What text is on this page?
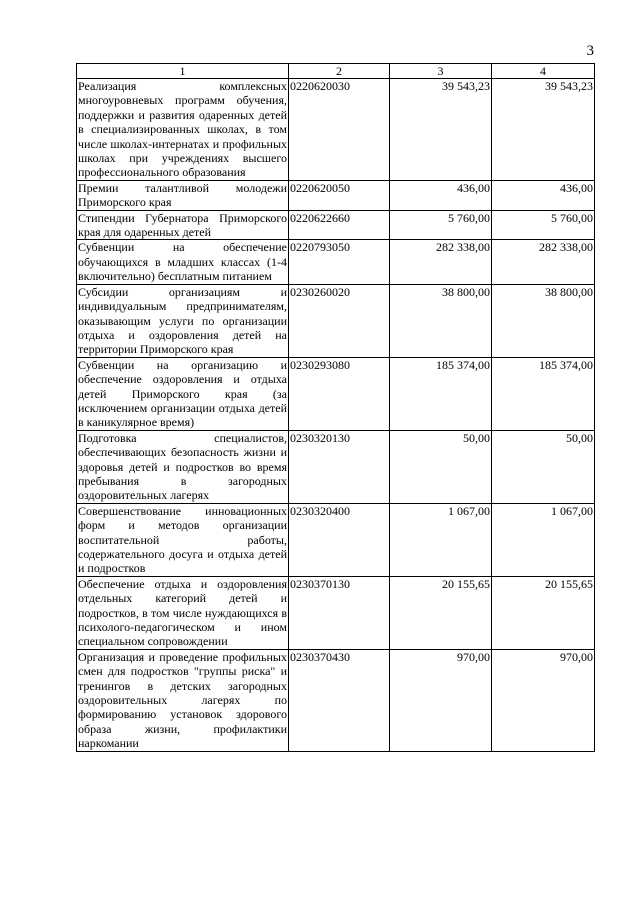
3
1	2	3	4
Реализация комплексных многоуровневых программ обучения, поддержки и развития одаренных детей в специализированных школах, в том числе школах-интернатах и профильных школах при учреждениях высшего профессионального образования	0220620030	39 543,23	39 543,23
Премии талантливой молодежи Приморского края	0220620050	436,00	436,00
Стипендии Губернатора Приморского края для одаренных детей	0220622660	5 760,00	5 760,00
Субвенции на обеспечение обучающихся в младших классах (1-4 включительно) бесплатным питанием	0220793050	282 338,00	282 338,00
Субсидии организациям и индивидуальным предпринимателям, оказывающим услуги по организации отдыха и оздоровления детей на территории Приморского края	0230260020	38 800,00	38 800,00
Субвенции на организацию и обеспечение оздоровления и отдыха детей Приморского края (за исключением организации отдыха детей в каникулярное время)	0230293080	185 374,00	185 374,00
Подготовка специалистов, обеспечивающих безопасность жизни и здоровья детей и подростков во время пребывания в загородных оздоровительных лагерях	0230320130	50,00	50,00
Совершенствование инновационных форм и методов организации воспитательной работы, содержательного досуга и отдыха детей и подростков	0230320400	1 067,00	1 067,00
Обеспечение отдыха и оздоровления отдельных категорий детей и подростков, в том числе нуждающихся в психолого-педагогическом и ином специальном сопровождении	0230370130	20 155,65	20 155,65
Организация и проведение профильных смен для подростков "группы риска" и тренингов в детских загородных оздоровительных лагерях по формированию установок здорового образа жизни, профилактики наркомании	0230370430	970,00	970,00
